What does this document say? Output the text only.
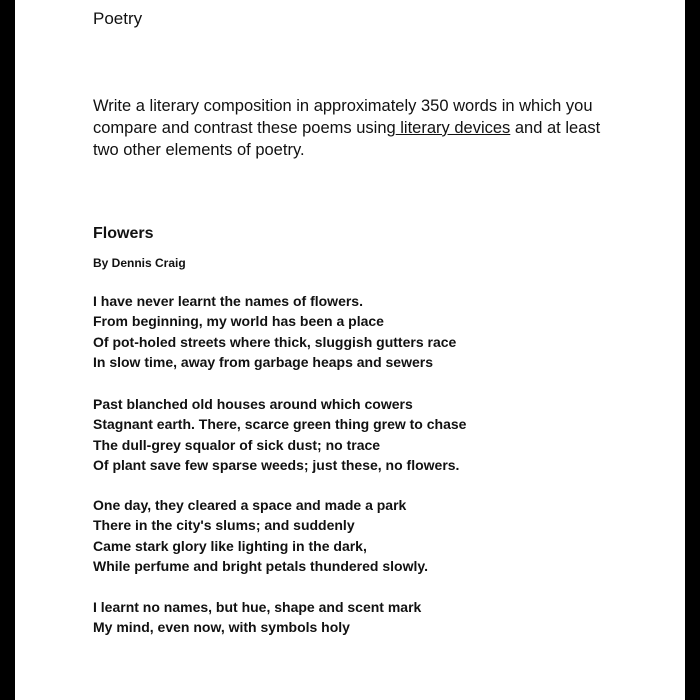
Poetry
Write a literary composition in approximately 350 words in which you compare and contrast these poems using literary devices and at least two other elements of poetry.
Flowers
By Dennis Craig
I have never learnt the names of flowers.
From beginning, my world has been a place
Of pot-holed streets where thick, sluggish gutters race
In slow time, away from garbage heaps and sewers
Past blanched old houses around which cowers
Stagnant earth. There, scarce green thing grew to chase
The dull-grey squalor of sick dust; no trace
Of plant save few sparse weeds; just these, no flowers.
One day, they cleared a space and made a park
There in the city's slums; and suddenly
Came stark glory like lighting in the dark,
While perfume and bright petals thundered slowly.
I learnt no names, but hue, shape and scent mark
My mind, even now, with symbols holy
